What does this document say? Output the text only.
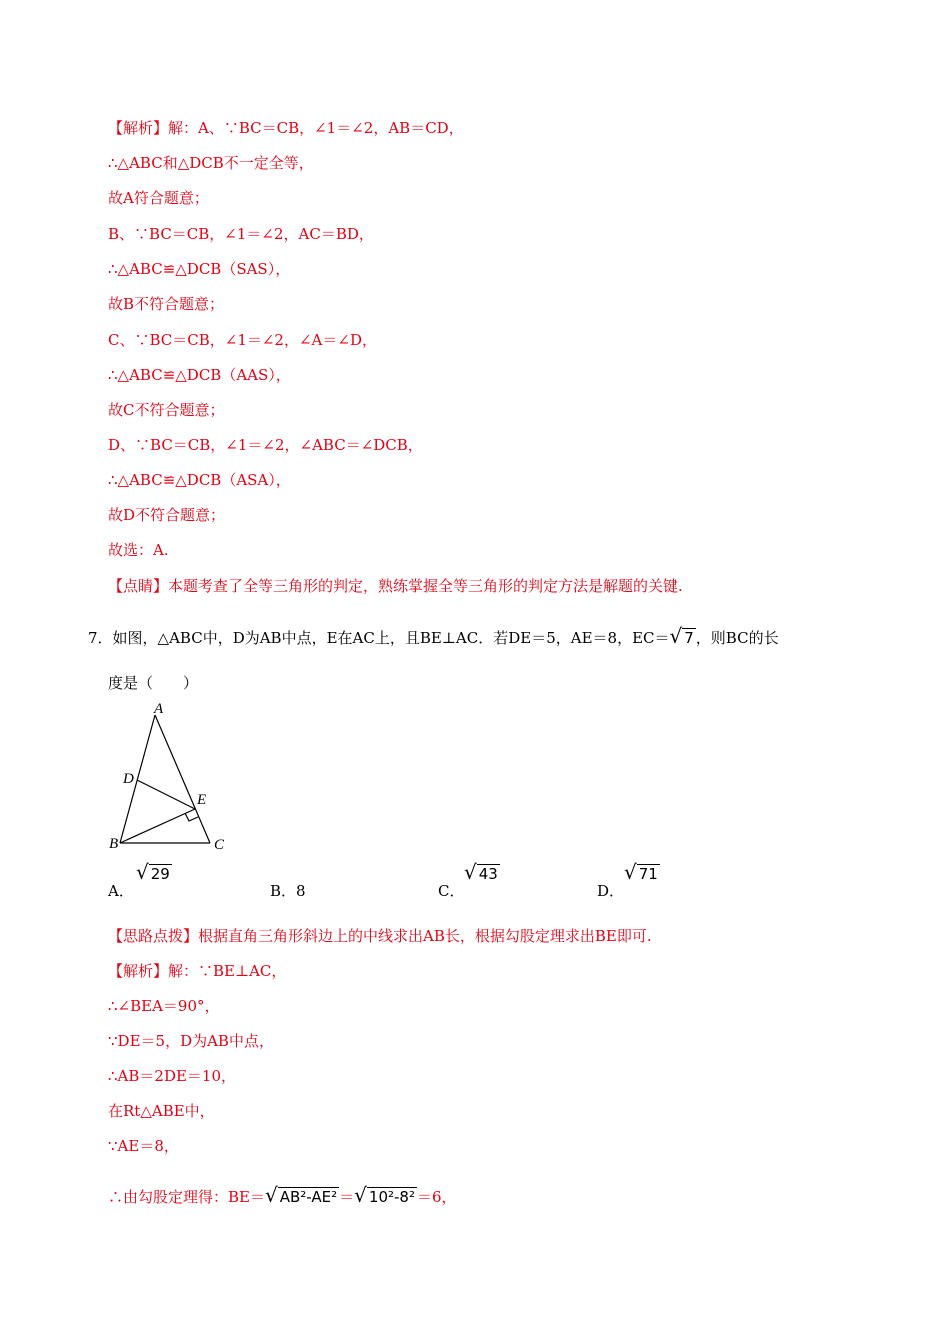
【解析】解：A、∵BC＝CB，∠1＝∠2，AB＝CD，
∴△ABC和△DCB不一定全等，
故A符合题意；
B、∵BC＝CB，∠1＝∠2，AC＝BD，
∴△ABC≌△DCB（SAS），
故B不符合题意；
C、∵BC＝CB，∠1＝∠2，∠A＝∠D，
∴△ABC≌△DCB（AAS），
故C不符合题意；
D、∵BC＝CB，∠1＝∠2，∠ABC＝∠DCB，
∴△ABC≌△DCB（ASA），
故D不符合题意；
故选：A.
【点睛】本题考查了全等三角形的判定，熟练掌握全等三角形的判定方法是解题的关键.
7．如图，△ABC中，D为AB中点，E在AC上，且BE⊥AC．若DE＝5，AE＝8，EC＝√ 7 ，则BC的长
度是（　　）
A
B	C
D
E
A．
√ 29
B．8	C．
√ 43
D．
√ 71
【思路点拨】根据直角三角形斜边上的中线求出AB长，根据勾股定理求出BE即可.
【解析】解：∵BE⊥AC，
∴∠BEA＝90°，
∵DE＝5，D为AB中点，
∴AB＝2DE＝10，
在Rt△ABE中，
∵AE＝8，
∴由勾股定理得：BE＝√ AB²-AE² ＝√ 10²-8² ＝6，
